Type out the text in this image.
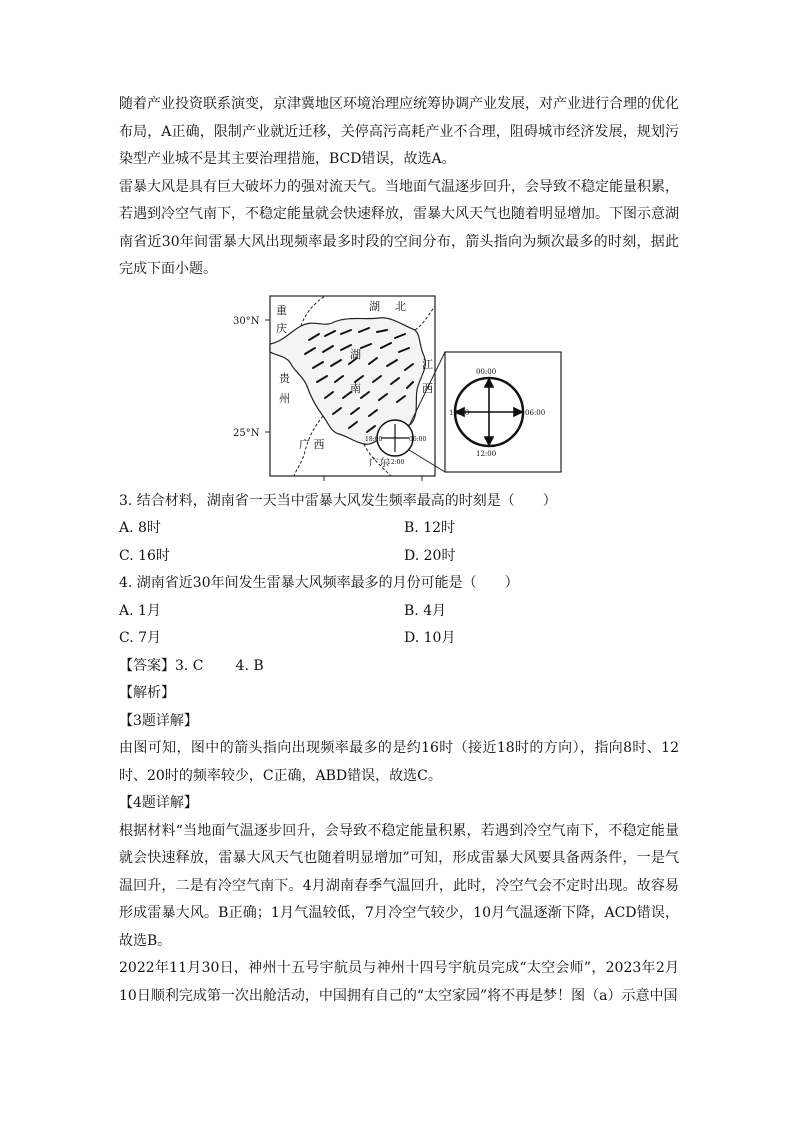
随着产业投资联系演变，京津冀地区环境治理应统筹协调产业发展，对产业进行合理的优化布局，A正确，限制产业就近迁移，关停高污高耗产业不合理，阻碍城市经济发展，规划污染型产业城不是其主要治理措施，BCD错误，故选A。

雷暴大风是具有巨大破坏力的强对流天气。当地面气温逐步回升，会导致不稳定能量积累，若遇到冷空气南下，不稳定能量就会快速释放，雷暴大风天气也随着明显增加。下图示意湖南省近30年间雷暴大风出现频率最多时段的空间分布，箭头指向为频次最多的时刻，据此完成下面小题。

30°N
25°N
重
庆
湖 北
贵
州
湖
南
江
西
广 西
广东
18:00	06:00
12:00
00:00
06:00
12:00
18:00

3. 结合材料，湖南省一天当中雷暴大风发生频率最高的时刻是（　　）

A. 8时	B. 12时
C. 16时	D. 20时

4. 湖南省近30年间发生雷暴大风频率最多的月份可能是（　　）

A. 1月	B. 4月
C. 7月	D. 10月

【答案】3. C 4. B

【解析】

【3题详解】

由图可知，图中的箭头指向出现频率最多的是约16时（接近18时的方向），指向8时、12时、20时的频率较少，C正确，ABD错误，故选C。

【4题详解】

根据材料“当地面气温逐步回升，会导致不稳定能量积累，若遇到冷空气南下，不稳定能量就会快速释放，雷暴大风天气也随着明显增加”可知，形成雷暴大风要具备两条件，一是气温回升，二是有冷空气南下。4月湖南春季气温回升，此时，冷空气会不定时出现。故容易形成雷暴大风。B正确；1月气温较低，7月冷空气较少，10月气温逐渐下降，ACD错误，故选B。

2022年11月30日，神州十五号宇航员与神州十四号宇航员完成“太空会师”，2023年2月10日顺利完成第一次出舱活动，中国拥有自己的“太空家园”将不再是梦！图（a）示意中国
